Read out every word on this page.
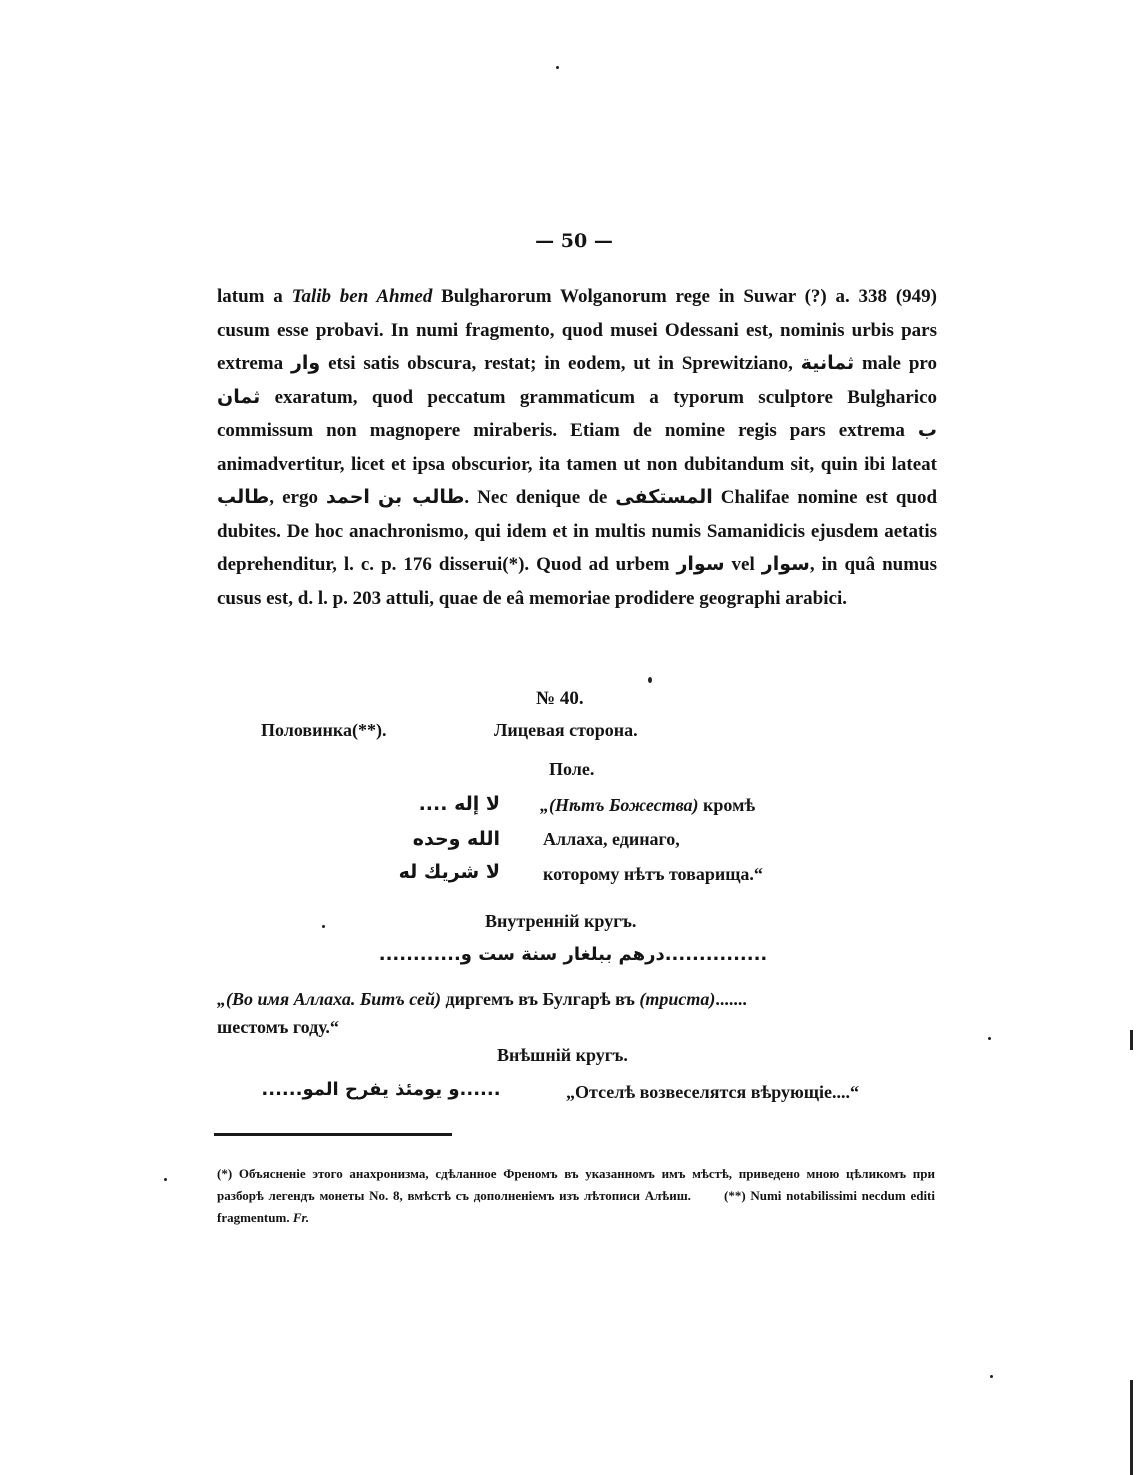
— 50 —
latum a Talib ben Ahmed Bulgharorum Wolganorum rege in Suwar (?) a. 338 (949) cusum esse probavi. In numi fragmento, quod musei Odessani est, nominis urbis pars extrema وار etsi satis obscura, restat; in eodem, ut in Sprewitziano, ثمانية male pro ثمان exaratum, quod peccatum grammaticum a typorum sculptore Bulgharico commissum non magnopere miraberis. Etiam de nomine regis pars extrema ب animadvertitur, licet et ipsa obscurior, ita tamen ut non dubitandum sit, quin ibi lateat طالب, ergo	طالب بن احمد	. Nec denique de المستكفى Chalifae nomine est quod dubites. De hoc anachronismo, qui idem et in multis numis Samanidicis ejusdem aetatis deprehenditur, l. c. p. 176 disserui(*). Quod ad urbem سوار vel سوار, in quâ numus cusus est, d. l. p. 203 attuli, quae de eâ memoriae prodidere geographi arabici.
№ 40.
Половинка(**).	Лицевая сторона.
Поле.
لا إله .... „(Нѣтъ Божества) кромѣ
الله وحده Аллаха, единаго,
لا شريك له которому нѣтъ товарища.“
Внутренній кругъ.
...............درهم ببلغار سنة ست و............
„(Во имя Аллаха. Битъ сей) диргемъ въ Булгарѣ въ (триста).......
шестомъ году.“
Внѣшній кругъ.
......و يومئذ يفرح المو......	„Отселѣ возвеселятся вѣрующіе....“
(*) Объясненіе этого анахронизма, сдѣланное Френомъ въ указанномъ имъ мѣстѣ, приведено мною цѣликомъ при разборѣ легендъ монеты No. 8, вмѣстѣ съ дополненіемъ изъ лѣтописи Алѣиш.	(**) Numi notabilissimi necdum editi fragmentum. Fr.
